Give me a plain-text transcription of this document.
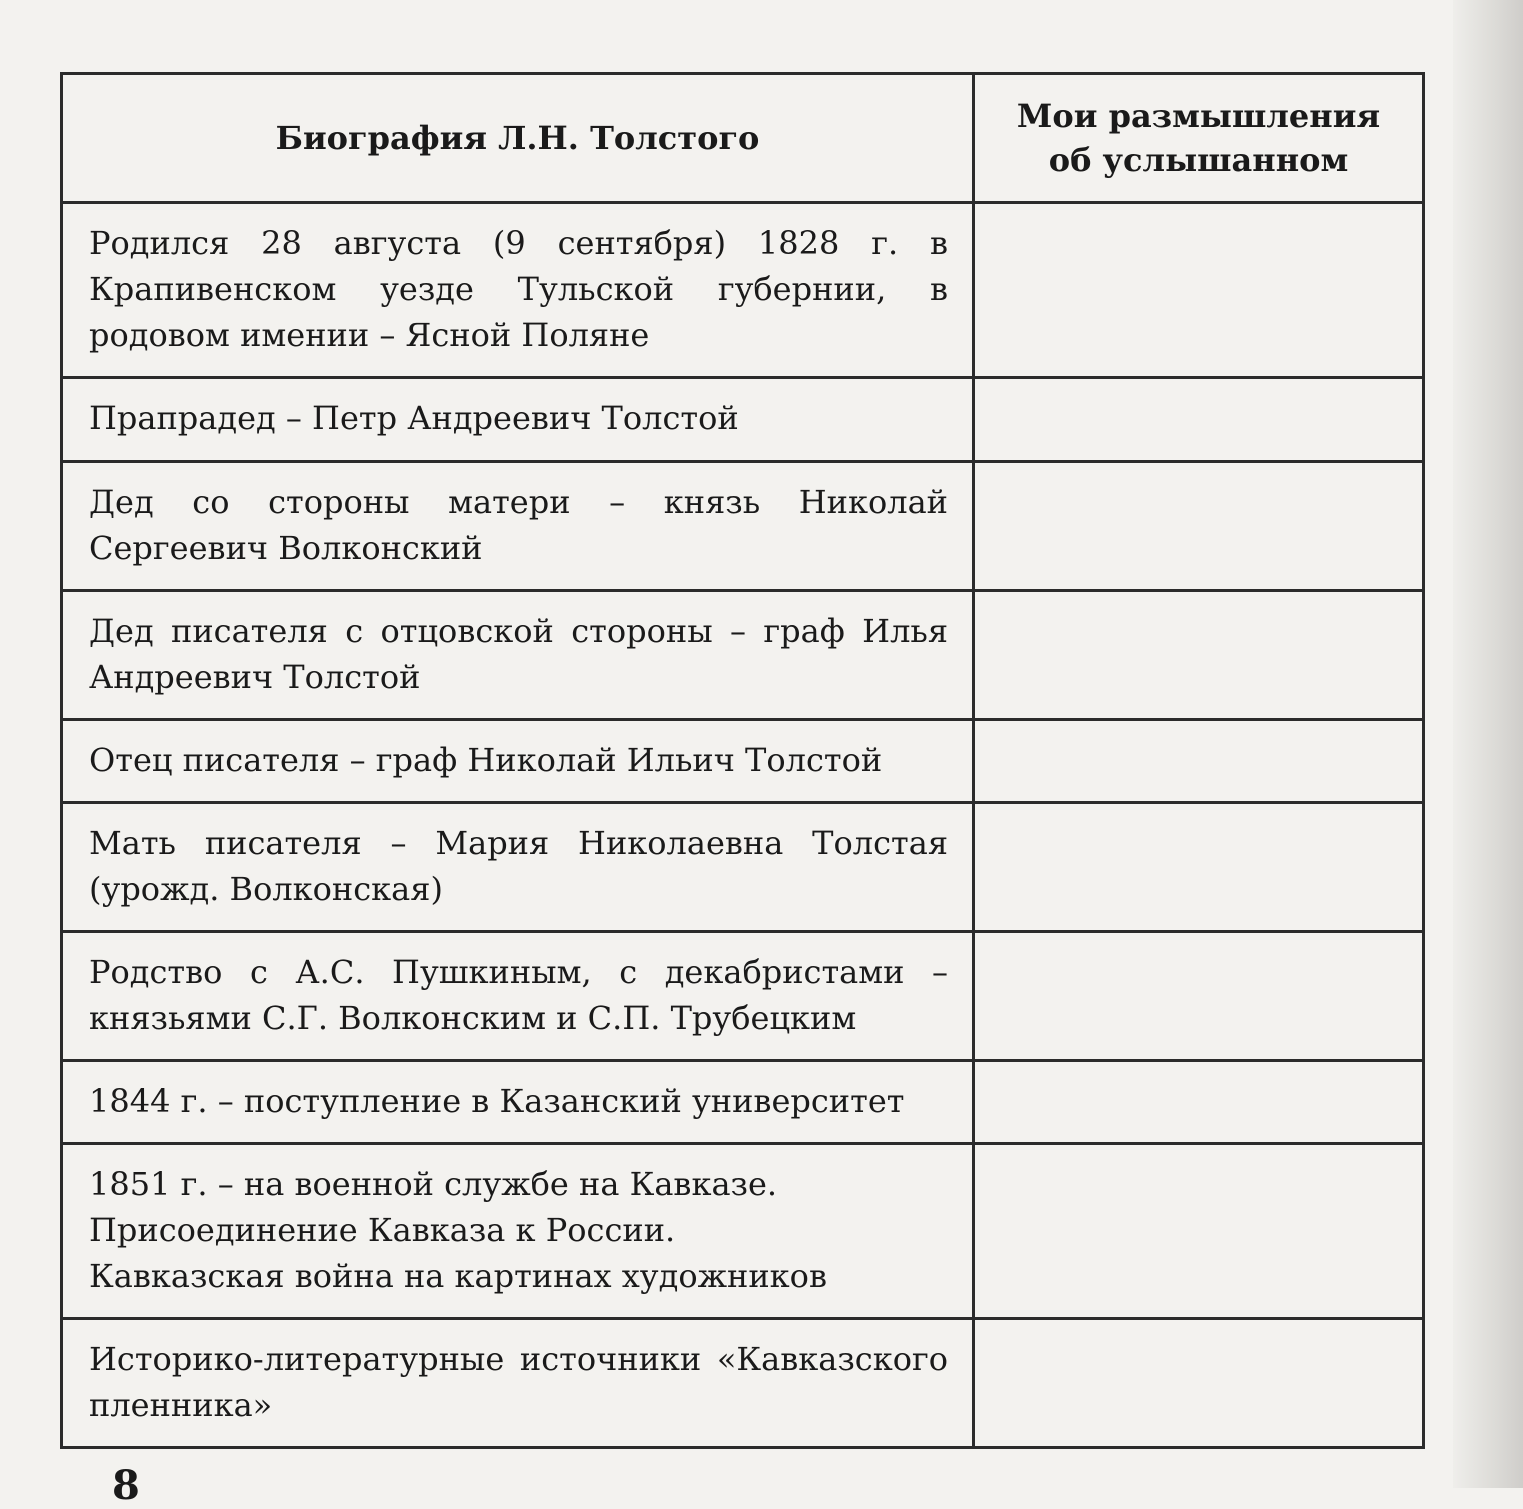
Биография Л.Н. Толстого	Мои размышления об услышанном
Родился 28 августа (9 сентября) 1828 г. в Крапивенском уезде Тульской губернии, в родовом имении – Ясной Поляне	
Прапрадед – Петр Андреевич Толстой	
Дед со стороны матери – князь Николай Сергеевич Волконский	
Дед писателя с отцовской стороны – граф Илья Андреевич Толстой	
Отец писателя – граф Николай Ильич Толстой	
Мать писателя – Мария Николаевна Толстая (урожд. Волконская)	
Родство с А.С. Пушкиным, с декабристами – князьями С.Г. Волконским и С.П. Трубецким	
1844 г. – поступление в Казанский университет	
1851 г. – на военной службе на Кавказе.
Присоединение Кавказа к России.
Кавказская война на картинах художников	
Историко-литературные источники «Кавказского пленника»	
8
